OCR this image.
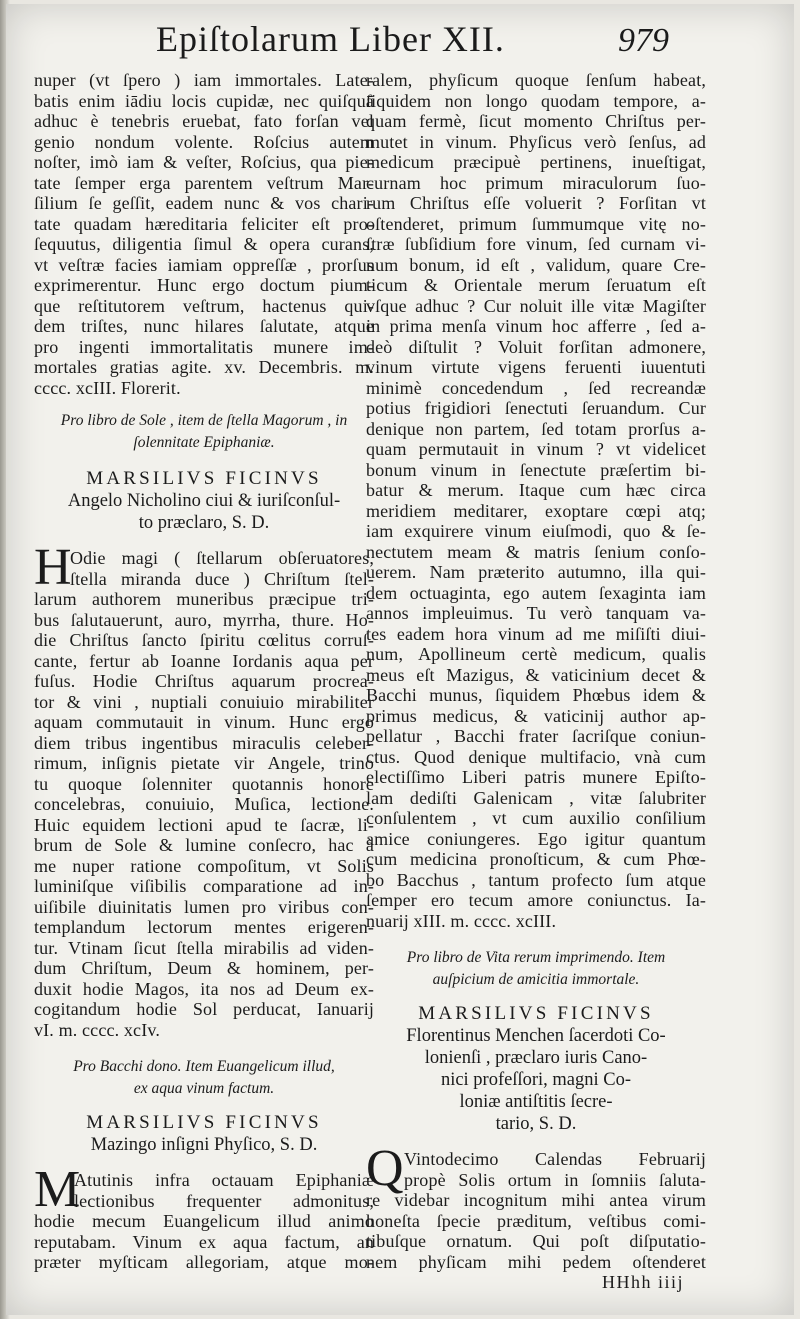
Epiſtolarum Liber XII.	979
nuper (vt ſpero ) iam immortales. Late-
batis enim iādiu locis cupidæ, nec quiſquā
adhuc è tenebris eruebat, fato forſan vel
genio nondum volente. Roſcius autem
noſter, imò iam & veſter, Roſcius, qua pie-
tate ſemper erga parentem veſtrum Mar-
ſilium ſe geſſit, eadem nunc & vos chari-
tate quadam hæreditaria feliciter eſt pro-
ſequutus, diligentia ſimul & opera curans,
vt veſtræ facies iamiam oppreſſæ , prorſus
exprimerentur. Hunc ergo doctum pium-
que reſtitutorem veſtrum, hactenus qui-
dem triſtes, nunc hilares ſalutate, atque
pro ingenti immortalitatis munere im-
mortales gratias agite. xv. Decembris. m.
cccc. xcIII. Florerit.
Pro libro de Sole , item de ſtella Magorum , in
ſolennitate Epiphaniæ.
MARSILIVS FICINVS
Angelo Nicholino ciui & iuriſconſul-
to præclaro, S. D.
H
Odie magi ( ſtellarum obſeruatores,
ſtella miranda duce ) Chriſtum ſtel-
larum authorem muneribus præcipue tri-
bus ſalutauerunt, auro, myrrha, thure. Ho-
die Chriſtus ſancto ſpiritu cœlitus corruſ-
cante, fertur ab Ioanne Iordanis aqua per
fuſus. Hodie Chriſtus aquarum procrea-
tor & vini , nuptiali conuiuio mirabiliter
aquam commutauit in vinum. Hunc ergo
diem tribus ingentibus miraculis celeber-
rimum, inſignis pietate vir Angele, trino
tu quoque ſolenniter quotannis honore
concelebras, conuiuio, Muſica, lectione.
Huic equidem lectioni apud te ſacræ, li-
brum de Sole & lumine conſecro, hac à
me nuper ratione compoſitum, vt Solis
luminiſque viſibilis comparatione ad in-
uiſibile diuinitatis lumen pro viribus con-
templandum lectorum mentes erigeren-
tur. Vtinam ſicut ſtella mirabilis ad viden-
dum Chriſtum, Deum & hominem, per-
duxit hodie Magos, ita nos ad Deum ex-
cogitandum hodie Sol perducat, Ianuarij
vI. m. cccc. xcIv.
Pro Bacchi dono. Item Euangelicum illud,
ex aqua vinum factum.
MARSILIVS FICINVS
Mazingo inſigni Phyſico, S. D.
M
Atutinis infra octauam Epiphaniæ
lectionibus frequenter admonitus,
hodie mecum Euangelicum illud animo
reputabam. Vinum ex aqua factum, an
præter myſticam allegoriam, atque mo-
ralem, phyſicum quoque ſenſum habeat,
ſiquidem non longo quodam tempore, a-
quam fermè, ſicut momento Chriſtus per-
mutet in vinum. Phyſicus verò ſenſus, ad
medicum præcipuè pertinens, inueſtigat,
curnam hoc primum miraculorum ſuo-
rum Chriſtus eſſe voluerit ? Forſitan vt
oſtenderet, primum ſummumque vitę no-
ſtræ ſubſidium fore vinum, ſed curnam vi-
num bonum, id eſt , validum, quare Cre-
ticum & Orientale merum ſeruatum eſt
vſque adhuc ? Cur noluit ille vitæ Magiſter
in prima menſa vinum hoc afferre , ſed a-
deò diſtulit ? Voluit forſitan admonere,
vinum virtute vigens feruenti iuuentuti
minimè concedendum , ſed recreandæ
potius frigidiori ſenectuti ſeruandum. Cur
denique non partem, ſed totam prorſus a-
quam permutauit in vinum ? vt videlicet
bonum vinum in ſenectute præſertim bi-
batur & merum. Itaque cum hæc circa
meridiem meditarer, exoptare cœpi atq;
iam exquirere vinum eiuſmodi, quo & ſe-
nectutem meam & matris ſenium conſo-
uerem. Nam præterito autumno, illa qui-
dem octuaginta, ego autem ſexaginta iam
annos impleuimus. Tu verò tanquam va-
tes eadem hora vinum ad me miſiſti diui-
num, Apollineum certè medicum, qualis
meus eſt Mazigus, & vaticinium decet &
Bacchi munus, ſiquidem Phœbus idem &
primus medicus, & vaticinij author ap-
pellatur , Bacchi frater ſacriſque coniun-
ctus. Quod denique multifacio, vnà cum
electiſſimo Liberi patris munere Epiſto-
lam dediſti Galenicam , vitæ ſalubriter
conſulentem , vt cum auxilio conſilium
amice coniungeres. Ego igitur quantum
cum medicina pronoſticum, & cum Phœ-
bo Bacchus , tantum profecto ſum atque
ſemper ero tecum amore coniunctus. Ia-
nuarij xIII. m. cccc. xcIII.
Pro libro de Vita rerum imprimendo. Item
auſpicium de amicitia immortale.
MARSILIVS FICINVS
Florentinus Menchen ſacerdoti Co-
lonienſi , præclaro iuris Cano-
nici profeſſori, magni Co-
loniæ antiſtitis ſecre-
tario, S. D.
Q Vintodecimo Calendas Februarij
propè Solis ortum in ſomniis ſaluta-
re videbar incognitum mihi antea virum
honeſta ſpecie præditum, veſtibus comi-
tibuſque ornatum. Qui poſt diſputatio-
nem phyſicam mihi pedem oſtenderet
HHhh iiij
